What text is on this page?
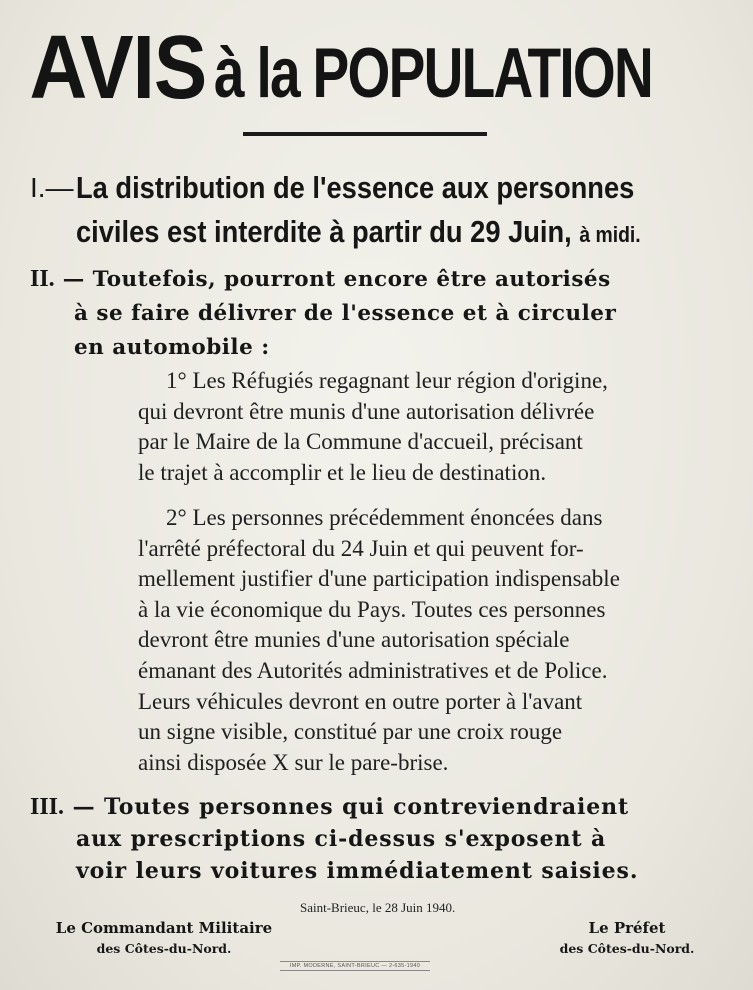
AVIS à la POPULATION
I.— La distribution de l'essence aux personnes
civiles est interdite à partir du 29 Juin, à midi.
II. — Toutefois, pourront encore être autorisés
à se faire délivrer de l'essence et à circuler
en automobile :
1° Les Réfugiés regagnant leur région d'origine,
qui devront être munis d'une autorisation délivrée
par le Maire de la Commune d'accueil, précisant
le trajet à accomplir et le lieu de destination.
2° Les personnes précédemment énoncées dans
l'arrêté préfectoral du 24 Juin et qui peuvent for-
mellement justifier d'une participation indispensable
à la vie économique du Pays. Toutes ces personnes
devront être munies d'une autorisation spéciale
émanant des Autorités administratives et de Police.
Leurs véhicules devront en outre porter à l'avant
un signe visible, constitué par une croix rouge
ainsi disposée X sur le pare-brise.
III. — Toutes personnes qui contreviendraient
aux prescriptions ci-dessus s'exposent à
voir leurs voitures immédiatement saisies.
Saint-Brieuc, le 28 Juin 1940.
Le Commandant Militaire
des Côtes-du-Nord.
Le Préfet
des Côtes-du-Nord.
IMP. MODERNE, SAINT-BRIEUC — 2-635-1940
